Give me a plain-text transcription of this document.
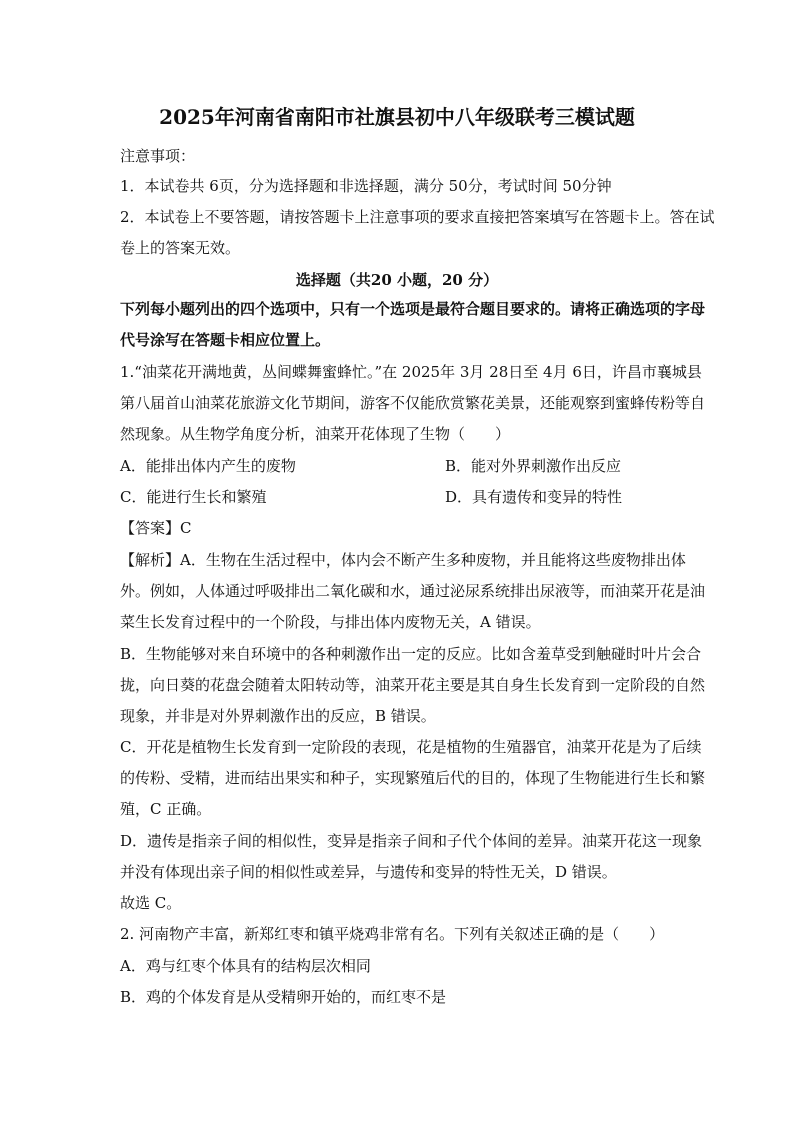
2025年河南省南阳市社旗县初中八年级联考三模试题
注意事项：
1．本试卷共 6页，分为选择题和非选择题，满分 50分，考试时间 50分钟
2．本试卷上不要答题，请按答题卡上注意事项的要求直接把答案填写在答题卡上。答在试
卷上的答案无效。
选择题（共20 小题，20 分）
下列每小题列出的四个选项中，只有一个选项是最符合题目要求的。请将正确选项的字母
代号涂写在答题卡相应位置上。
1.“油菜花开满地黄，丛间蝶舞蜜蜂忙。”在 2025年 3月 28日至 4月 6日，许昌市襄城县
第八届首山油菜花旅游文化节期间，游客不仅能欣赏繁花美景，还能观察到蜜蜂传粉等自
然现象。从生物学角度分析，油菜开花体现了生物（　　）
A．能排出体内产生的废物	B．能对外界刺激作出反应
C．能进行生长和繁殖	D．具有遗传和变异的特性
【答案】C
【解析】A．生物在生活过程中，体内会不断产生多种废物，并且能将这些废物排出体
外。例如，人体通过呼吸排出二氧化碳和水，通过泌尿系统排出尿液等，而油菜开花是油
菜生长发育过程中的一个阶段，与排出体内废物无关，A 错误。
B．生物能够对来自环境中的各种刺激作出一定的反应。比如含羞草受到触碰时叶片会合
拢，向日葵的花盘会随着太阳转动等，油菜开花主要是其自身生长发育到一定阶段的自然
现象，并非是对外界刺激作出的反应，B 错误。
C．开花是植物生长发育到一定阶段的表现，花是植物的生殖器官，油菜开花是为了后续
的传粉、受精，进而结出果实和种子，实现繁殖后代的目的，体现了生物能进行生长和繁
殖，C 正确。
D．遗传是指亲子间的相似性，变异是指亲子间和子代个体间的差异。油菜开花这一现象
并没有体现出亲子间的相似性或差异，与遗传和变异的特性无关，D 错误。
故选 C。
2. 河南物产丰富，新郑红枣和镇平烧鸡非常有名。下列有关叙述正确的是（　　）
A．鸡与红枣个体具有的结构层次相同
B．鸡的个体发育是从受精卵开始的，而红枣不是
